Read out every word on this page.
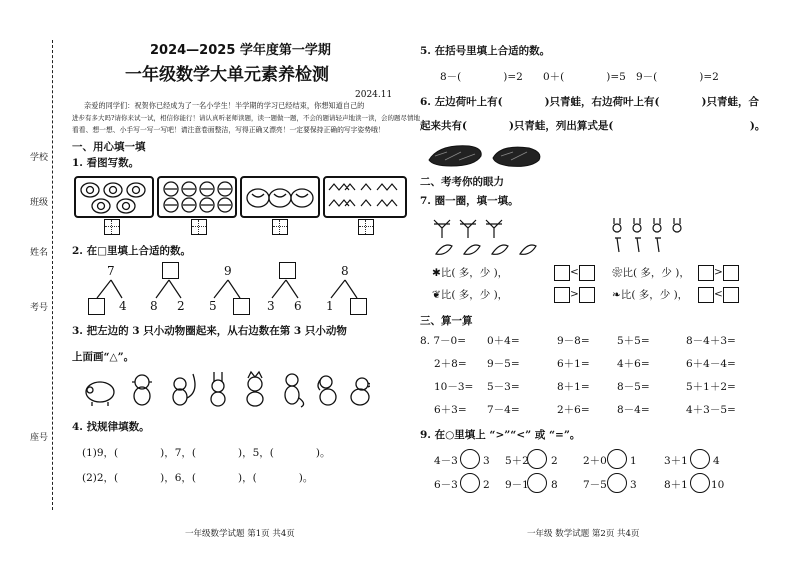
学校
班级
姓名
考号
座号
2024—2025 学年度第一学期
一年级数学大单元素养检测
2024.11
亲爱的同学们：祝贺你已经成为了一名小学生！半学期的学习已经结束，你想知道自己的
进步有多大吗?请你来试一试，相信你能行！请认真听老师读题，读一题做一题，不会的题请轻声地读一读，会的题尽情地
看看、想一想、小手写一写一写吧！请注意卷面整洁，写得正确又漂亮！一定要保持正确的写字姿势哦！
一、用心填一填
1. 看图写数。
2. 在□里填上合适的数。
7
4 8 2
9
5	3 6
8
1
3. 把左边的 3 只小动物圈起来，从右边数在第 3 只小动物
上面画“△”。
4. 找规律填数。
(1)9，(　　　　)，7，(　　　　)，5，(　　　　)。
(2)2，(　　　　)，6，(　　　　)，(　　　　)。
一年级数学试题 第1页 共4页
5. 在括号里填上合适的数。
8－(　　　　)=2 0＋(　　　　)=5 9－(　　　　)=2
6. 左边荷叶上有(　　　　)只青蛙，右边荷叶上有(　　　　)只青蛙，合
起来共有(　　　　)只青蛙，列出算式是(　　　　　　　　　　　　　)。
二、考考你的眼力
7. 圈一圈，填一填。
✱比( 多，少 )，	<
❦比( 多，少 )，	>
❀比( 多，少 )， >
❧比( 多，少 )， <
三、算一算
8. 7－0= 0＋4=	9－8=	5＋5=	8－4＋3=
2＋8= 9－5=	6＋1=	4＋6=	6＋4－4=
10－3= 5－3=	8＋1=	8－5=	5＋1＋2=
6＋3= 7－4=	2＋6=	8－4=	4＋3－5=
9. 在○里填上 “>”“<” 或 “=”。
4－3 3 5＋2 2 2＋0 1	3＋1 4
6－3 2 9－1 8 7－5 3	8＋1 10
一年级 数学试题 第2页 共4页
